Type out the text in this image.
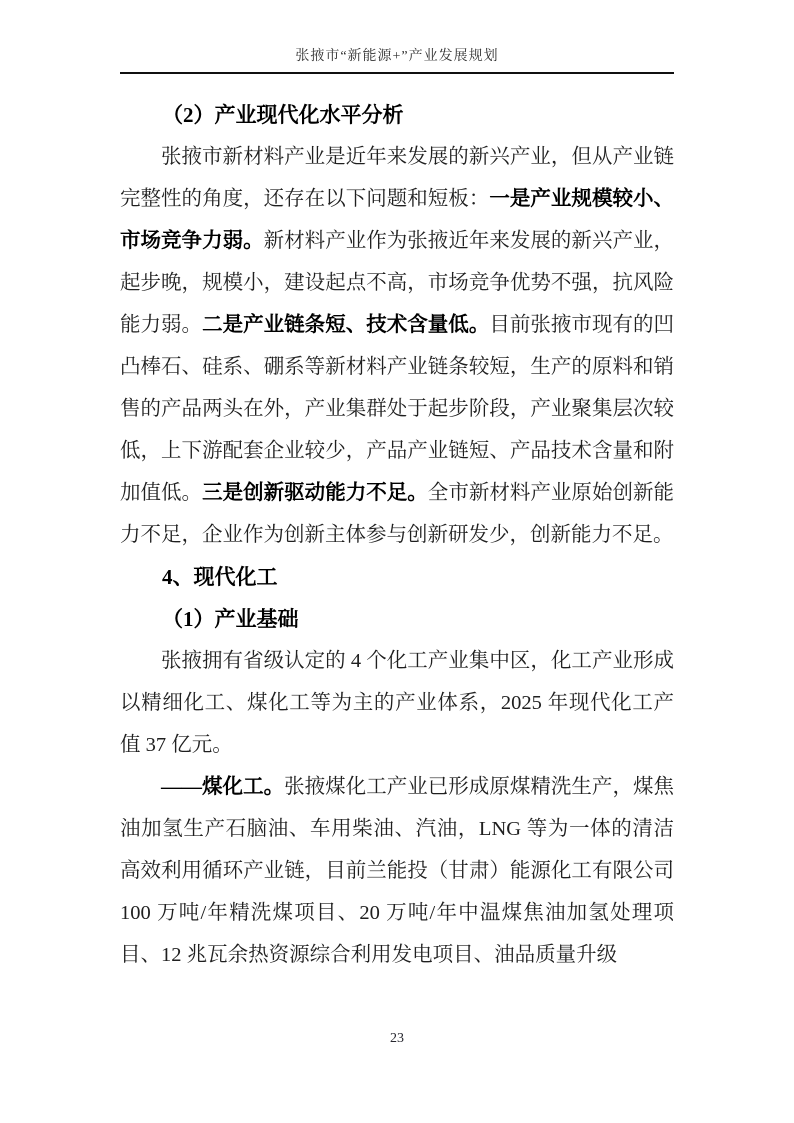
张掖市“新能源+”产业发展规划
（2）产业现代化水平分析

张掖市新材料产业是近年来发展的新兴产业，但从产业链完整性的角度，还存在以下问题和短板：一是产业规模较小、市场竞争力弱。新材料产业作为张掖近年来发展的新兴产业，起步晚，规模小，建设起点不高，市场竞争优势不强，抗风险能力弱。二是产业链条短、技术含量低。目前张掖市现有的凹凸棒石、硅系、硼系等新材料产业链条较短，生产的原料和销售的产品两头在外，产业集群处于起步阶段，产业聚集层次较低，上下游配套企业较少，产品产业链短、产品技术含量和附加值低。三是创新驱动能力不足。全市新材料产业原始创新能力不足，企业作为创新主体参与创新研发少，创新能力不足。

4、现代化工
（1）产业基础

张掖拥有省级认定的 4 个化工产业集中区，化工产业形成以精细化工、煤化工等为主的产业体系，2025 年现代化工产值 37 亿元。

——煤化工。张掖煤化工产业已形成原煤精洗生产，煤焦油加氢生产石脑油、车用柴油、汽油，LNG 等为一体的清洁高效利用循环产业链，目前兰能投（甘肃）能源化工有限公司 100 万吨/年精洗煤项目、20 万吨/年中温煤焦油加氢处理项目、12 兆瓦余热资源综合利用发电项目、油品质量升级

23
